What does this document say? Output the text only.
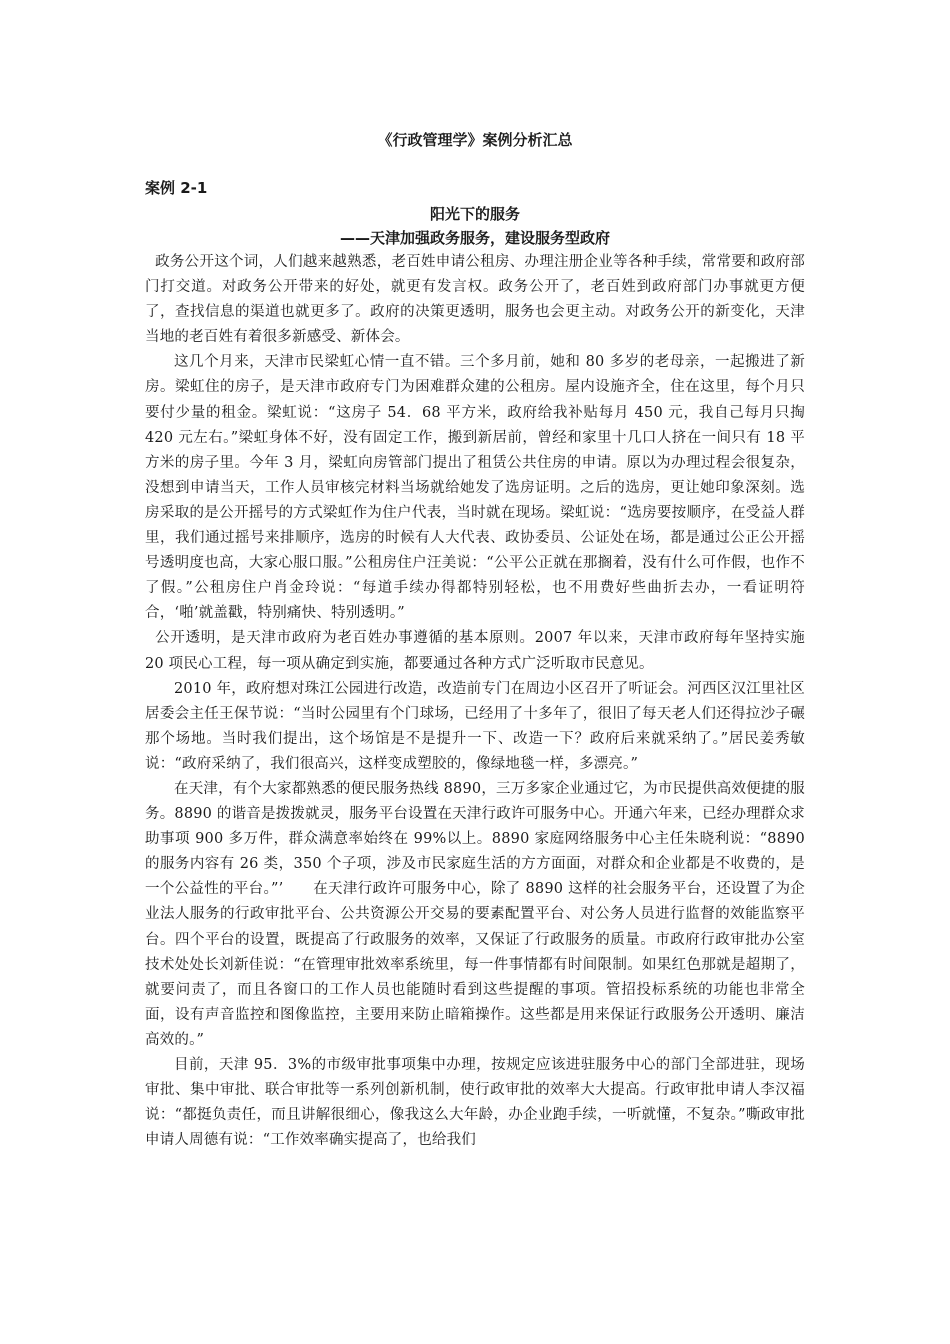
《行政管理学》案例分析汇总
案例 2-1
阳光下的服务
——天津加强政务服务，建设服务型政府

政务公开这个词，人们越来越熟悉，老百姓申请公租房、办理注册企业等各种手续，常常要和政府部门打交道。对政务公开带来的好处，就更有发言权。政务公开了，老百姓到政府部门办事就更方便了，查找信息的渠道也就更多了。政府的决策更透明，服务也会更主动。对政务公开的新变化，天津当地的老百姓有着很多新感受、新体会。

这几个月来，天津市民梁虹心情一直不错。三个多月前，她和 80 多岁的老母亲，一起搬进了新房。梁虹住的房子，是天津市政府专门为困难群众建的公租房。屋内设施齐全，住在这里，每个月只要付少量的租金。梁虹说：“这房子 54．68 平方米，政府给我补贴每月 450 元，我自己每月只掏 420 元左右。”梁虹身体不好，没有固定工作，搬到新居前，曾经和家里十几口人挤在一间只有 18 平方米的房子里。今年 3 月，梁虹向房管部门提出了租赁公共住房的申请。原以为办理过程会很复杂，没想到申请当天，工作人员审核完材料当场就给她发了选房证明。之后的选房，更让她印象深刻。选房采取的是公开摇号的方式梁虹作为住户代表，当时就在现场。梁虹说：“选房要按顺序，在受益人群里，我们通过摇号来排顺序，选房的时候有人大代表、政协委员、公证处在场，都是通过公正公开摇号透明度也高，大家心服口服。”公租房住户汪美说：“公平公正就在那搁着，没有什么可作假，也作不了假。”公租房住户肖金玲说：“每道手续办得都特别轻松，也不用费好些曲折去办，一看证明符合，‘啪’就盖戳，特别痛快、特别透明。”

公开透明，是天津市政府为老百姓办事遵循的基本原则。2007 年以来，天津市政府每年坚持实施 20 项民心工程，每一项从确定到实施，都要通过各种方式广泛听取市民意见。

2010 年，政府想对珠江公园进行改造，改造前专门在周边小区召开了听证会。河西区汉江里社区居委会主任王保节说：“当时公园里有个门球场，已经用了十多年了，很旧了每天老人们还得拉沙子碾那个场地。当时我们提出，这个场馆是不是提升一下、改造一下？政府后来就采纳了。”居民姜秀敏说：“政府采纳了，我们很高兴，这样变成塑胶的，像绿地毯一样，多漂亮。”

在天津，有个大家都熟悉的便民服务热线 8890，三万多家企业通过它，为市民提供高效便捷的服务。8890 的谐音是拨拨就灵，服务平台设置在天津行政许可服务中心。开通六年来，已经办理群众求助事项 900 多万件，群众满意率始终在 99%以上。8890 家庭网络服务中心主任朱晓利说：“8890 的服务内容有 26 类，350 个子项，涉及市民家庭生活的方方面面，对群众和企业都是不收费的，是一个公益性的平台。”’　　在天津行政许可服务中心，除了 8890 这样的社会服务平台，还设置了为企业法人服务的行政审批平台、公共资源公开交易的要素配置平台、对公务人员进行监督的效能监察平台。四个平台的设置，既提高了行政服务的效率，又保证了行政服务的质量。市政府行政审批办公室技术处处长刘新佳说：“在管理审批效率系统里，每一件事情都有时间限制。如果红色那就是超期了，就要问责了，而且各窗口的工作人员也能随时看到这些提醒的事项。管招投标系统的功能也非常全面，设有声音监控和图像监控，主要用来防止暗箱操作。这些都是用来保证行政服务公开透明、廉洁高效的。”

目前，天津 95．3%的市级审批事项集中办理，按规定应该进驻服务中心的部门全部进驻，现场审批、集中审批、联合审批等一系列创新机制，使行政审批的效率大大提高。行政审批申请人李汉福说：“都挺负责任，而且讲解很细心，像我这么大年龄，办企业跑手续，一听就懂，不复杂。”嘶政审批申请人周德有说：“工作效率确实提高了，也给我们
